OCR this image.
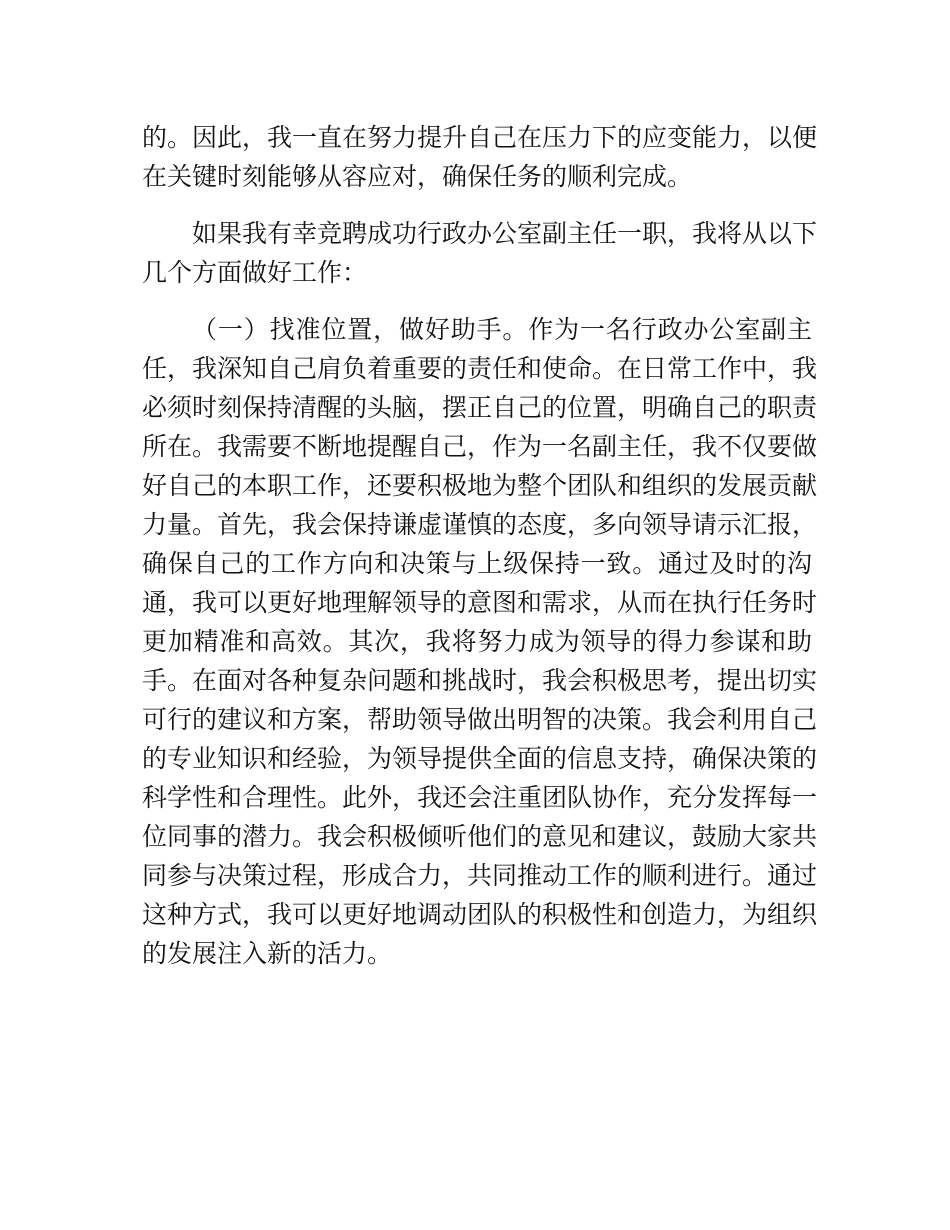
的。因此，我一直在努力提升自己在压力下的应变能力，以便
在关键时刻能够从容应对，确保任务的顺利完成。
如果我有幸竞聘成功行政办公室副主任一职，我将从以下
几个方面做好工作：
（一）找准位置，做好助手。作为一名行政办公室副主
任，我深知自己肩负着重要的责任和使命。在日常工作中，我
必须时刻保持清醒的头脑，摆正自己的位置，明确自己的职责
所在。我需要不断地提醒自己，作为一名副主任，我不仅要做
好自己的本职工作，还要积极地为整个团队和组织的发展贡献
力量。首先，我会保持谦虚谨慎的态度，多向领导请示汇报，
确保自己的工作方向和决策与上级保持一致。通过及时的沟
通，我可以更好地理解领导的意图和需求，从而在执行任务时
更加精准和高效。其次，我将努力成为领导的得力参谋和助
手。在面对各种复杂问题和挑战时，我会积极思考，提出切实
可行的建议和方案，帮助领导做出明智的决策。我会利用自己
的专业知识和经验，为领导提供全面的信息支持，确保决策的
科学性和合理性。此外，我还会注重团队协作，充分发挥每一
位同事的潜力。我会积极倾听他们的意见和建议，鼓励大家共
同参与决策过程，形成合力，共同推动工作的顺利进行。通过
这种方式，我可以更好地调动团队的积极性和创造力，为组织
的发展注入新的活力。
